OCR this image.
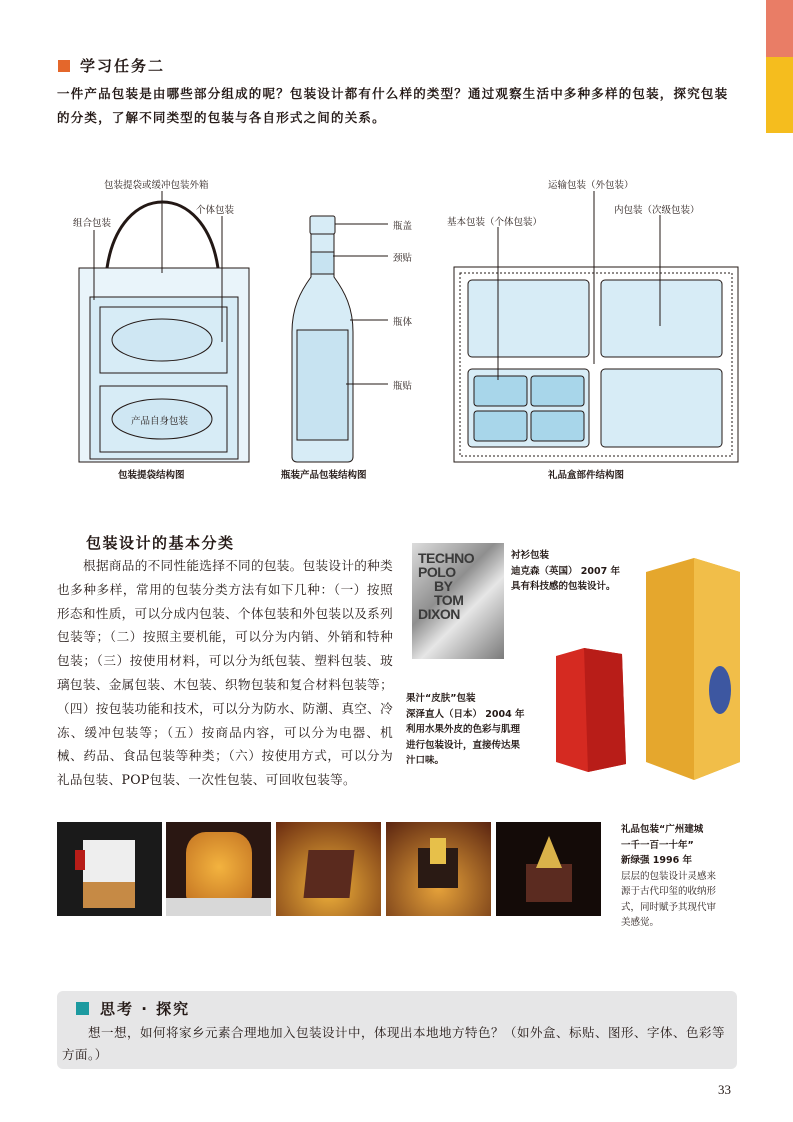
学习任务二

一件产品包装是由哪些部分组成的呢？包装设计都有什么样的类型？通过观察生活中多种多样的包装，探究包装的分类，了解不同类型的包装与各自形式之间的关系。

包装提袋或缓冲包装外箱
组合包装
个体包装
产品自身包装
包装提袋结构图
瓶盖
颈贴
瓶体
瓶贴
瓶装产品包装结构图
运输包装（外包装）
基本包装（个体包装）
内包装（次级包装）
礼品盒部件结构图
包装设计的基本分类

根据商品的不同性能选择不同的包装。包装设计的种类也多种多样，常用的包装分类方法有如下几种：（一）按照形态和性质，可以分成内包装、个体包装和外包装以及系列包装等；（二）按照主要机能，可以分为内销、外销和特种包装；（三）按使用材料，可以分为纸包装、塑料包装、玻璃包装、金属包装、木包装、织物包装和复合材料包装等；（四）按包装功能和技术，可以分为防水、防潮、真空、冷冻、缓冲包装等；（五）按商品内容，可以分为电器、机械、药品、食品包装等种类；（六）按使用方式，可以分为礼品包装、POP包装、一次性包装、可回收包装等。

TECHNO
POLO
BY
TOM
DIXON
衬衫包装
迪克森（英国） 2007 年
具有科技感的包装设计。
果汁“皮肤”包装
深泽直人（日本） 2004 年
利用水果外皮的色彩与肌理
进行包装设计，直接传达果
汁口味。
礼品包装“广州建城
一千一百一十年”
新绿强 1996 年
层层的包装设计灵感来
源于古代印玺的收纳形
式，同时赋予其现代审
美感觉。
思考 · 探究

想一想，如何将家乡元素合理地加入包装设计中，体现出本地地方特色？（如外盒、标贴、图形、字体、色彩等方面。）

33
